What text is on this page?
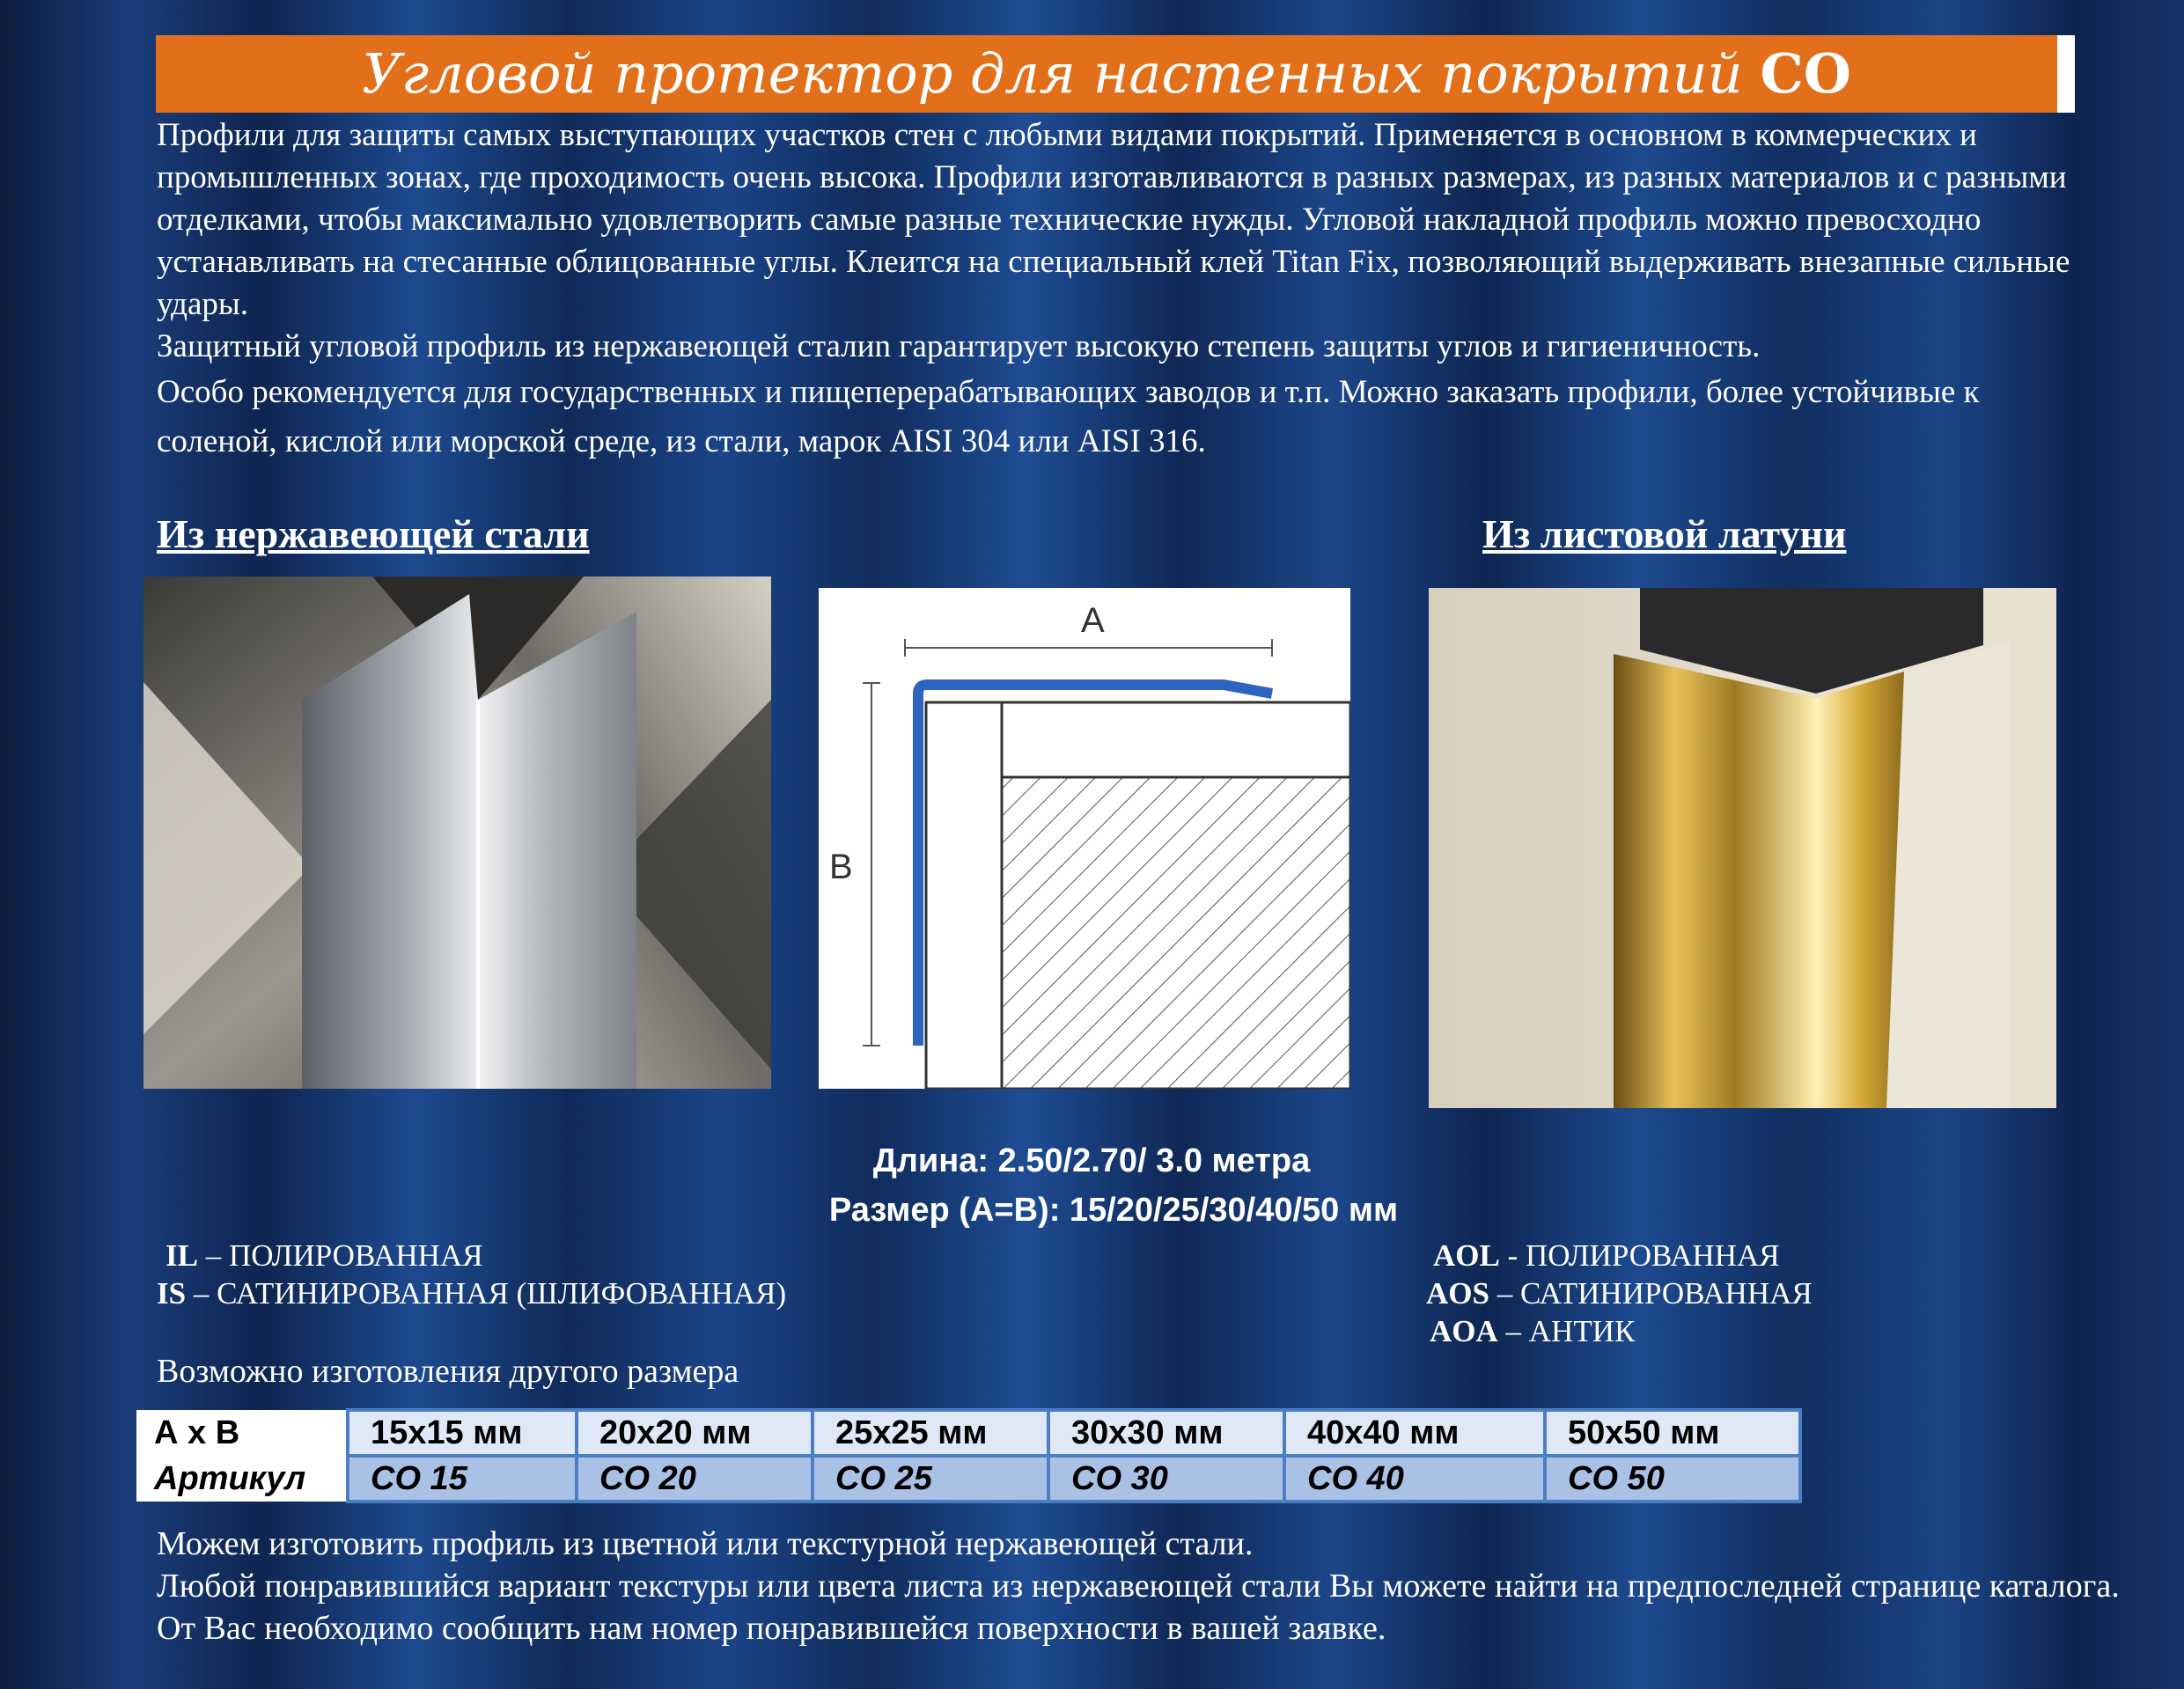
Угловой протектор для настенных покрытий CO

Профили для защиты самых выступающих участков стен с любыми видами покрытий. Применяется в основном в коммерческих и промышленных зонах, где проходимость очень высока. Профили изготавливаются в разных размерах, из разных материалов и с разными отделками, чтобы максимально удовлетворить самые разные технические нужды. Угловой накладной профиль можно превосходно устанавливать на стесанные облицованные углы. Клеится на специальный клей Titan Fix, позволяющий выдерживать внезапные сильные удары.

Защитный угловой профиль из нержавеющей сталиn гарантирует высокую степень защиты углов и гигиеничность.

Особо рекомендуется для государственных и пищеперерабатывающих заводов и т.п. Можно заказать профили, более устойчивые к соленой, кислой или морской среде, из стали, марок AISI 304 или AISI 316.

Из нержавеющей стали	Из листовой латуни
A
B
Длина: 2.50/2.70/ 3.0 метра
Размер (А=В): 15/20/25/30/40/50 мм
IL – ПОЛИРОВАННАЯ
IS – САТИНИРОВАННАЯ (ШЛИФОВАННАЯ)
AOL - ПОЛИРОВАННАЯ
AOS – САТИНИРОВАННАЯ
AOA – АНТИК
Возможно изготовления другого размера
А х В	15х15 мм	20х20 мм	25х25 мм	30х30 мм	40х40 мм	50х50 мм
Артикул	CO 15	CO 20	CO 25	CO 30	CO 40	CO 50

Можем изготовить профиль из цветной или текстурной нержавеющей стали.

Любой понравившийся вариант текстуры или цвета листа из нержавеющей стали Вы можете найти на предпоследней странице каталога. От Вас необходимо сообщить нам номер понравившейся поверхности в вашей заявке.
